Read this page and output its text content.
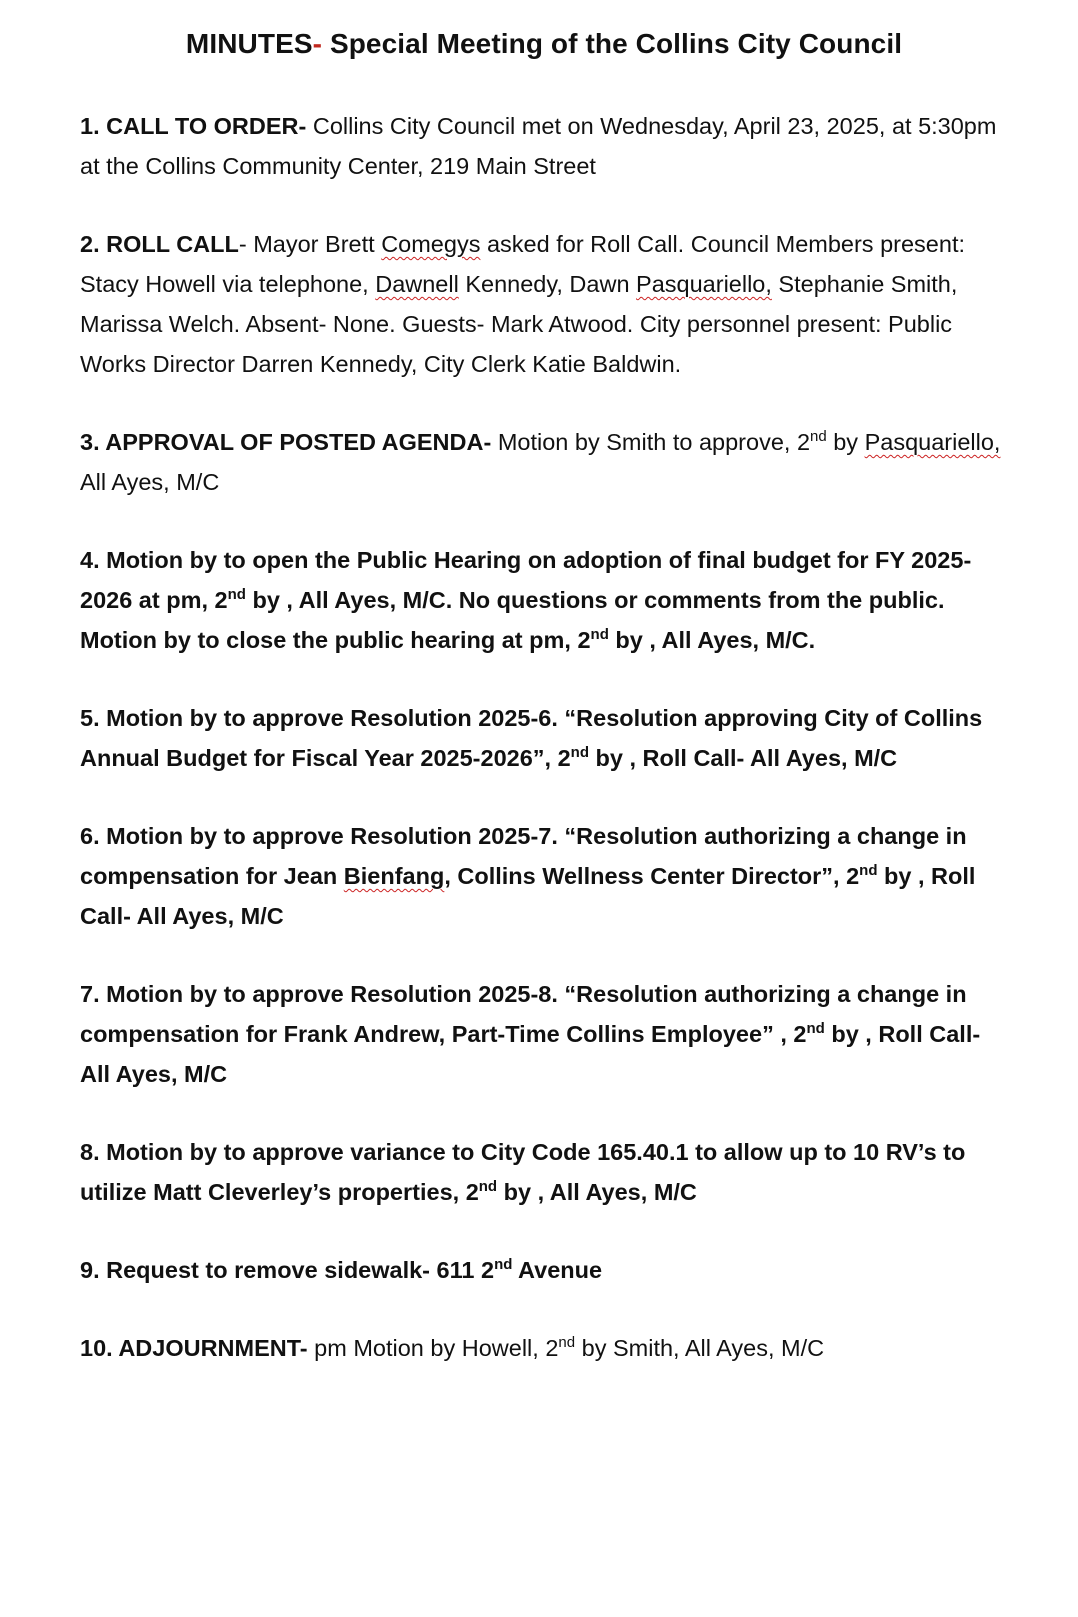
MINUTES- Special Meeting of the Collins City Council

1. CALL TO ORDER- Collins City Council met on Wednesday, April 23, 2025, at 5:30pm at the Collins Community Center, 219 Main Street

2. ROLL CALL- Mayor Brett Comegys asked for Roll Call. Council Members present: Stacy Howell via telephone, Dawnell Kennedy, Dawn Pasquariello, Stephanie Smith, Marissa Welch. Absent- None. Guests- Mark Atwood. City personnel present: Public Works Director Darren Kennedy, City Clerk Katie Baldwin.

3. APPROVAL OF POSTED AGENDA- Motion by Smith to approve, 2nd by Pasquariello, All Ayes, M/C

4. Motion by to open the Public Hearing on adoption of final budget for FY 2025-2026 at pm, 2nd by , All Ayes, M/C. No questions or comments from the public. Motion by to close the public hearing at pm, 2nd by , All Ayes, M/C.

5. Motion by to approve Resolution 2025-6. “Resolution approving City of Collins Annual Budget for Fiscal Year 2025-2026”, 2nd by , Roll Call- All Ayes, M/C

6. Motion by to approve Resolution 2025-7. “Resolution authorizing a change in compensation for Jean Bienfang, Collins Wellness Center Director”, 2nd by , Roll Call- All Ayes, M/C

7. Motion by to approve Resolution 2025-8. “Resolution authorizing a change in compensation for Frank Andrew, Part-Time Collins Employee” , 2nd by , Roll Call- All Ayes, M/C

8. Motion by to approve variance to City Code 165.40.1 to allow up to 10 RV’s to utilize Matt Cleverley’s properties, 2nd by , All Ayes, M/C

9. Request to remove sidewalk- 611 2nd Avenue

10. ADJOURNMENT- pm Motion by Howell, 2nd by Smith, All Ayes, M/C
